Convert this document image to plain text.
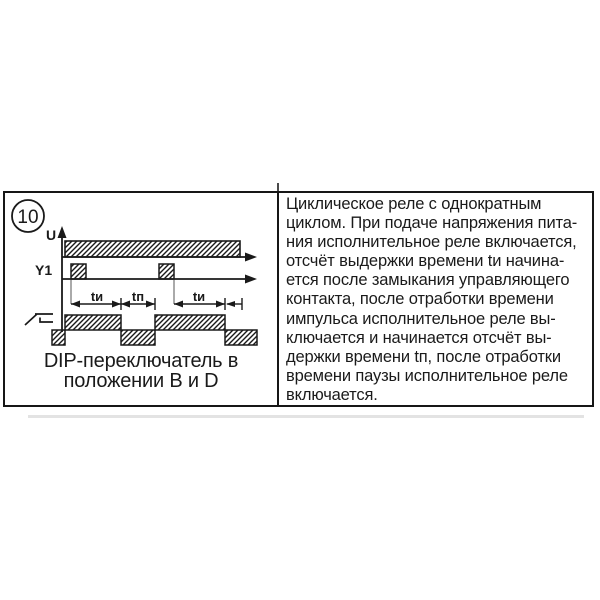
10
U
Y1
tи tп	tи
DIP-переключатель в
положении B и D
Циклическое реле с однократным
циклом. При подаче напряжения пита-
ния исполнительное реле включается,
отсчёт выдержки времени tи начина-
ется после замыкания управляющего
контакта, после отработки времени
импульса исполнительное реле вы-
ключается и начинается отсчёт вы-
держки времени tп, после отработки
времени паузы исполнительное реле
включается.
